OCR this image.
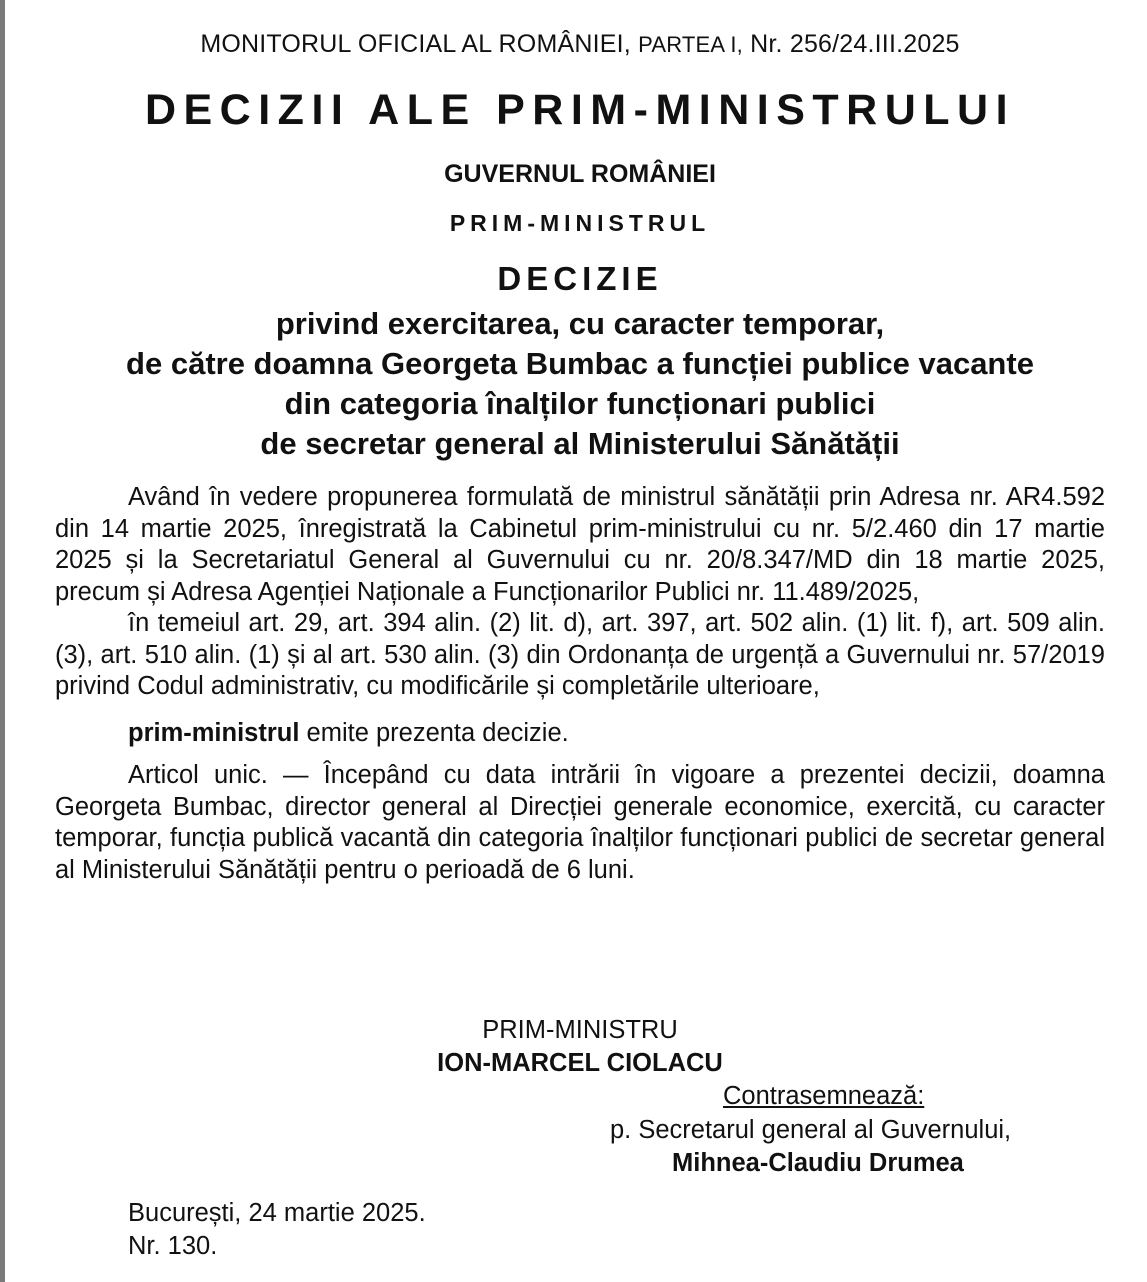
MONITORUL OFICIAL AL ROMÂNIEI, PARTEA I, Nr. 256/24.III.2025
DECIZII ALE PRIM-MINISTRULUI
GUVERNUL ROMÂNIEI
PRIM-MINISTRUL
DECIZIE
privind exercitarea, cu caracter temporar,
de către doamna Georgeta Bumbac a funcției publice vacante
din categoria înalților funcționari publici
de secretar general al Ministerului Sănătății

Având în vedere propunerea formulată de ministrul sănătății prin Adresa nr. AR4.592 din 14 martie 2025, înregistrată la Cabinetul prim-ministrului cu nr. 5/2.460 din 17 martie 2025 și la Secretariatul General al Guvernului cu nr. 20/8.347/MD din 18 martie 2025, precum și Adresa Agenției Naționale a Funcționarilor Publici nr. 11.489/2025,

în temeiul art. 29, art. 394 alin. (2) lit. d), art. 397, art. 502 alin. (1) lit. f), art. 509 alin. (3), art. 510 alin. (1) și al art. 530 alin. (3) din Ordonanța de urgență a Guvernului nr. 57/2019 privind Codul administrativ, cu modificările și completările ulterioare,

prim-ministrul emite prezenta decizie.

Articol unic. — Începând cu data intrării în vigoare a prezentei decizii, doamna Georgeta Bumbac, director general al Direcției generale economice, exercită, cu caracter temporar, funcția publică vacantă din categoria înalților funcționari publici de secretar general al Ministerului Sănătății pentru o perioadă de 6 luni.

PRIM-MINISTRU
ION-MARCEL CIOLACU
Contrasemnează:
p. Secretarul general al Guvernului,
Mihnea-Claudiu Drumea
București, 24 martie 2025.
Nr. 130.
